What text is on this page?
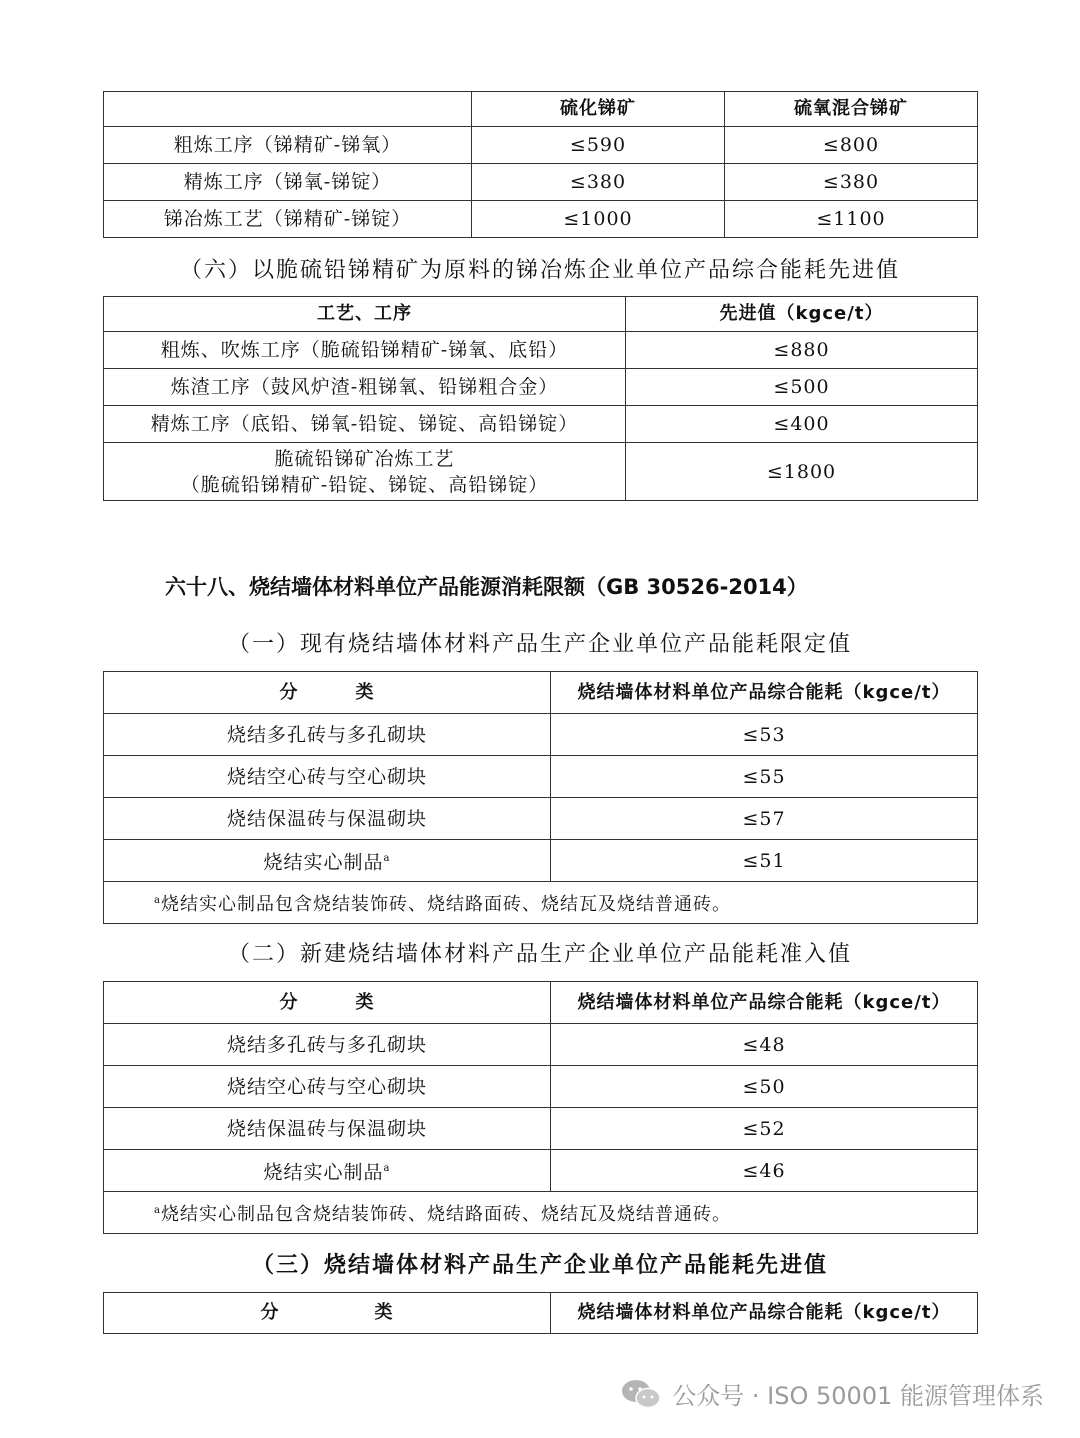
	硫化锑矿	硫氧混合锑矿
粗炼工序（锑精矿-锑氧）	≤590	≤800
精炼工序（锑氧-锑锭）	≤380	≤380
锑冶炼工艺（锑精矿-锑锭）	≤1000	≤1100
（六）以脆硫铅锑精矿为原料的锑冶炼企业单位产品综合能耗先进值
工艺、工序	先进值（kgce/t）
粗炼、吹炼工序（脆硫铅锑精矿-锑氧、底铅）	≤880
炼渣工序（鼓风炉渣-粗锑氧、铅锑粗合金）	≤500
精炼工序（底铅、锑氧-铅锭、锑锭、高铅锑锭）	≤400

脆硫铅锑矿冶炼工艺
（脆硫铅锑精矿-铅锭、锑锭、高铅锑锭）	≤1800
六十八、烧结墙体材料单位产品能源消耗限额（GB 30526-2014）
（一）现有烧结墙体材料产品生产企业单位产品能耗限定值
分　　　类	烧结墙体材料单位产品综合能耗（kgce/t）
烧结多孔砖与多孔砌块	≤53
烧结空心砖与空心砌块	≤55
烧结保温砖与保温砌块	≤57
烧结实心制品$^a$	≤51
$^a$烧结实心制品包含烧结装饰砖、烧结路面砖、烧结瓦及烧结普通砖。	
（二）新建烧结墙体材料产品生产企业单位产品能耗准入值
分　　　类	烧结墙体材料单位产品综合能耗（kgce/t）
烧结多孔砖与多孔砌块	≤48
烧结空心砖与空心砌块	≤50
烧结保温砖与保温砌块	≤52
烧结实心制品$^a$	≤46
$^a$烧结实心制品包含烧结装饰砖、烧结路面砖、烧结瓦及烧结普通砖。	
（三）烧结墙体材料产品生产企业单位产品能耗先进值
分　　　　　类	烧结墙体材料单位产品综合能耗（kgce/t）
公众号 · ISO 50001 能源管理体系
